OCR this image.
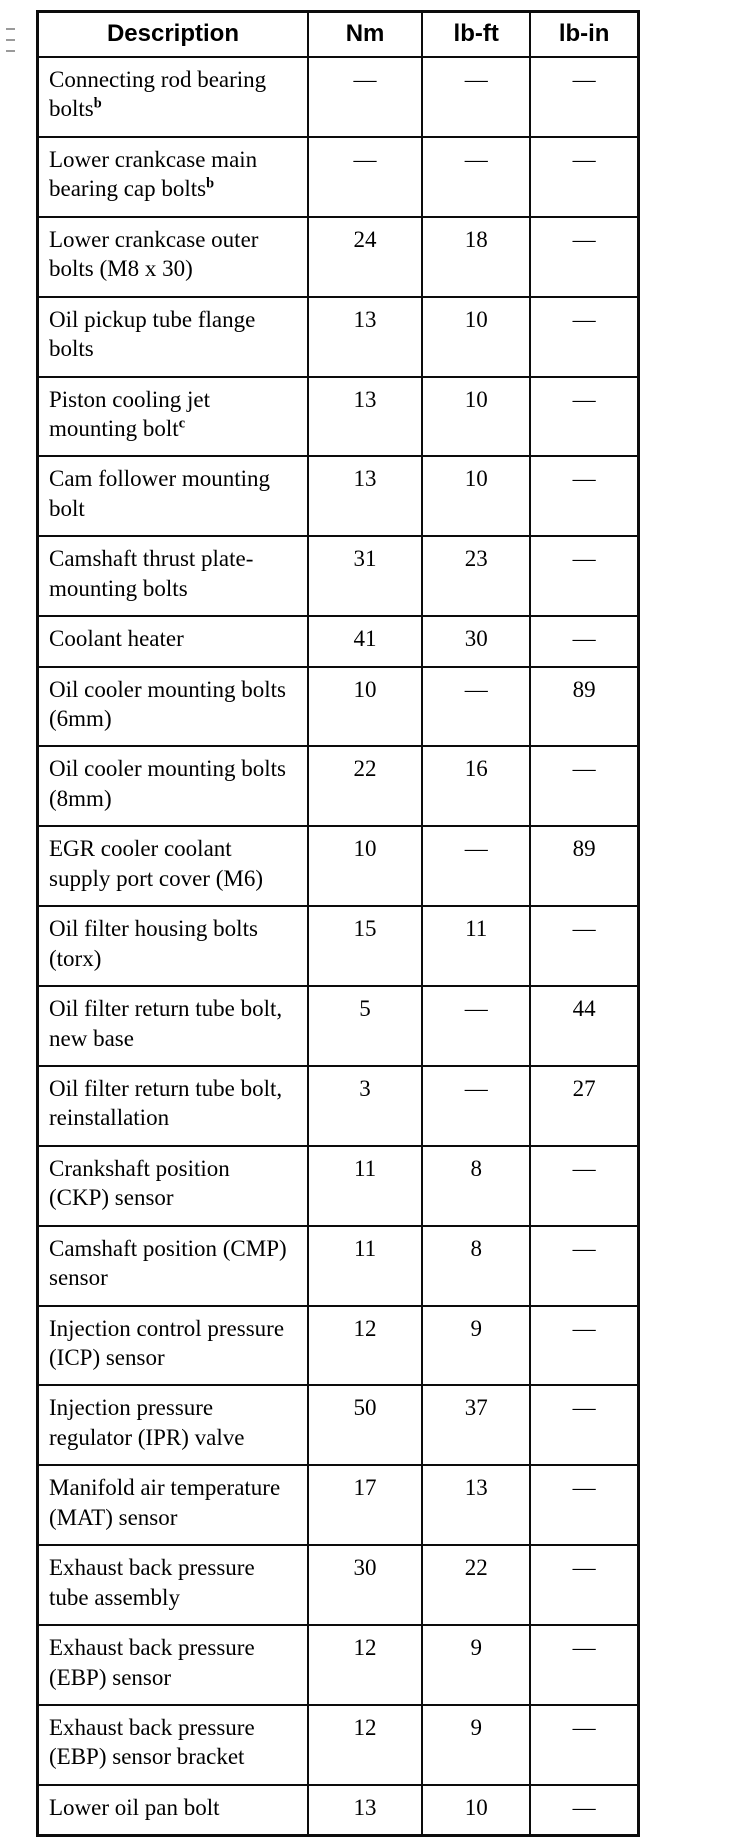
Description	Nm	lb-ft	lb-in
Connecting rod bearing bolts$^b$	—	—	—
Lower crankcase main bearing cap bolts$^b$	—	—	—
Lower crankcase outer bolts (M8 x 30)	24	18	—
Oil pickup tube flange bolts	13	10	—
Piston cooling jet mounting bolt$^c$	13	10	—
Cam follower mounting bolt	13	10	—
Camshaft thrust plate-mounting bolts	31	23	—
Coolant heater	41	30	—
Oil cooler mounting bolts (6mm)	10	—	89
Oil cooler mounting bolts (8mm)	22	16	—
EGR cooler coolant supply port cover (M6)	10	—	89
Oil filter housing bolts (torx)	15	11	—
Oil filter return tube bolt, new base	5	—	44
Oil filter return tube bolt, reinstallation	3	—	27
Crankshaft position (CKP) sensor	11	8	—
Camshaft position (CMP) sensor	11	8	—
Injection control pressure (ICP) sensor	12	9	—
Injection pressure regulator (IPR) valve	50	37	—
Manifold air temperature (MAT) sensor	17	13	—
Exhaust back pressure tube assembly	30	22	—
Exhaust back pressure (EBP) sensor	12	9	—
Exhaust back pressure (EBP) sensor bracket	12	9	—
Lower oil pan bolt	13	10	—
